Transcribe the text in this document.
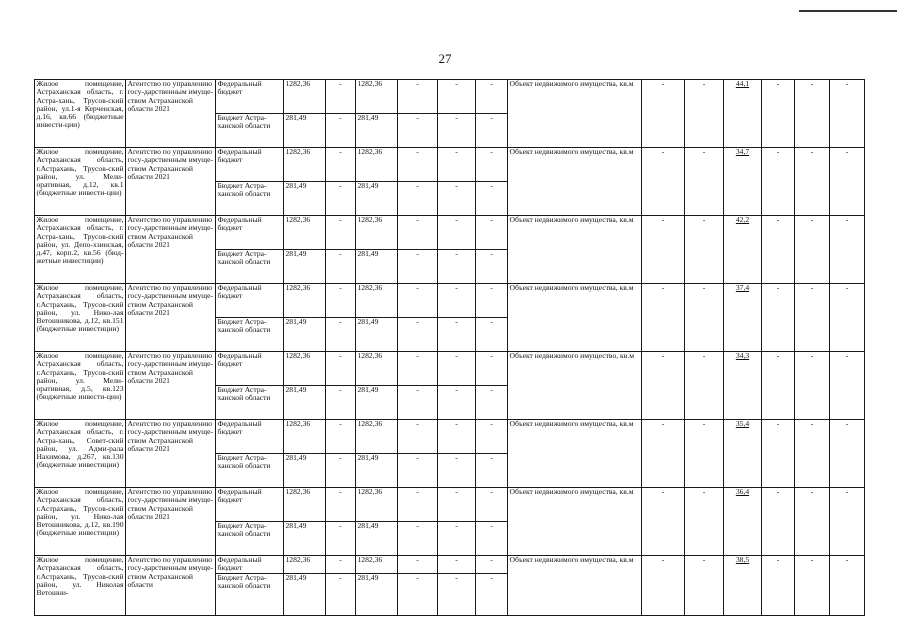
27
Жилое помещение, Астраханская область, г. Астра-хань, Трусов-ский район, ул.1-я Керченская, д.16, кв.66 (бюджетные инвести-ции)	Агентство по управлению госу-дарственным имуще-ством Астраханской области 2021	Федеральный бюджет	1282,36	-	1282,36	-	-	-	Объект недвижимого имущества, кв.м	-	-	44,1	-	-	-
		Бюджет Астра-ханской области	281,49	-	281,49	-	-	-							
Жилое помещение, Астраханская область, г.Астрахань, Трусов-ский район, ул. Мели-оративная, д.12, кв.1 (бюджетные инвести-ции)	Агентство по управлению госу-дарственным имуще-ством Астраханской области 2021	Федеральный бюджет	1282,36	-	1282,36	-	-	-	Объект недвижимого имущества, кв.м	-	-	34,7	-	-	-
		Бюджет Астра-ханской области	281,49	-	281,49	-	-	-							
Жилое помещение, Астраханская область, г. Астра-хань, Трусов-ский район, ул. Депо-хзинская, д.47, корп.2, кв.56 (бюд-жетные инвестиции)	Агентство по управлению госу-дарственным имуще-ством Астраханской области 2021	Федеральный бюджет	1282,36	-	1282,36	-	-	-	Объект недвижимого имущества, кв.м	-	-	42,2	-	-	-
		Бюджет Астра-ханской области	281,49	-	281,49	-	-	-							
Жилое помещение, Астраханская область, г.Астрахань, Трусов-ский район, ул. Нико-лая Ветошникова, д.12, кв.151 (бюджетные инвестиции)	Агентство по управлению госу-дарственным имуще-ством Астраханской области 2021	Федеральный бюджет	1282,36	-	1282,36	-	-	-	Объект недвижимого имущества, кв.м	-	-	37,4	-	-	-
		Бюджет Астра-ханской области	281,49	-	281,49	-	-	-							
Жилое помещение, Астраханская область, г.Астрахань, Трусов-ский район, ул. Мели-оративная, д.5, кв.123 (бюджетные инвести-ции)	Агентство по управлению госу-дарственным имуще-ством Астраханской области 2021	Федеральный бюджет	1282,36	-	1282,36	-	-	-	Объект недвижимого имущество, кв.м	-	-	34,3	-	-	-
		Бюджет Астра-ханской области	281,49	-	281,49	-	-	-							
Жилое помещение, Астраханская область, г. Астра-хань, Совет-ский район, ул. Адми-рала Нахимова, д.267, кв.130 (бюджетные инвестиции)	Агентство по управлению госу-дарственным имуще-ством Астраханской области 2021	Федеральный бюджет	1282,36	-	1282,36	-	-	-	Объект недвижимого имущества, кв.м	-	-	35,4	-	-	-
		Бюджет Астра-ханской области	281,49	-	281,49	-	-	-							
Жилое помещение, Астраханская область, г.Астрахань, Трусов-ский район, ул. Нико-лая Ветошникова, д.12, кв.190 (бюджетные инвестиции)	Агентство по управлению госу-дарственным имуще-ством Астраханской области 2021	Федеральный бюджет	1282,36	-	1282,36	-	-	-	Объект недвижимого имущества, кв.м	-	-	36,4	-	-	-
		Бюджет Астра-ханской области	281,49	-	281,49	-	-	-							
Жилое помещение, Астраханская область, г.Астрахань, Трусов-ский район, ул. Николая Ветошни-	Агентство по управлению госу-дарственным имуще-ством Астраханской области	Федеральный бюджет	1282,36	-	1282,36	-	-	-	Объект недвижимого имущества, кв.м	-	-	38,5	-	-	-
		Бюджет Астра-ханской области	281,49	-	281,49	-	-	-							
